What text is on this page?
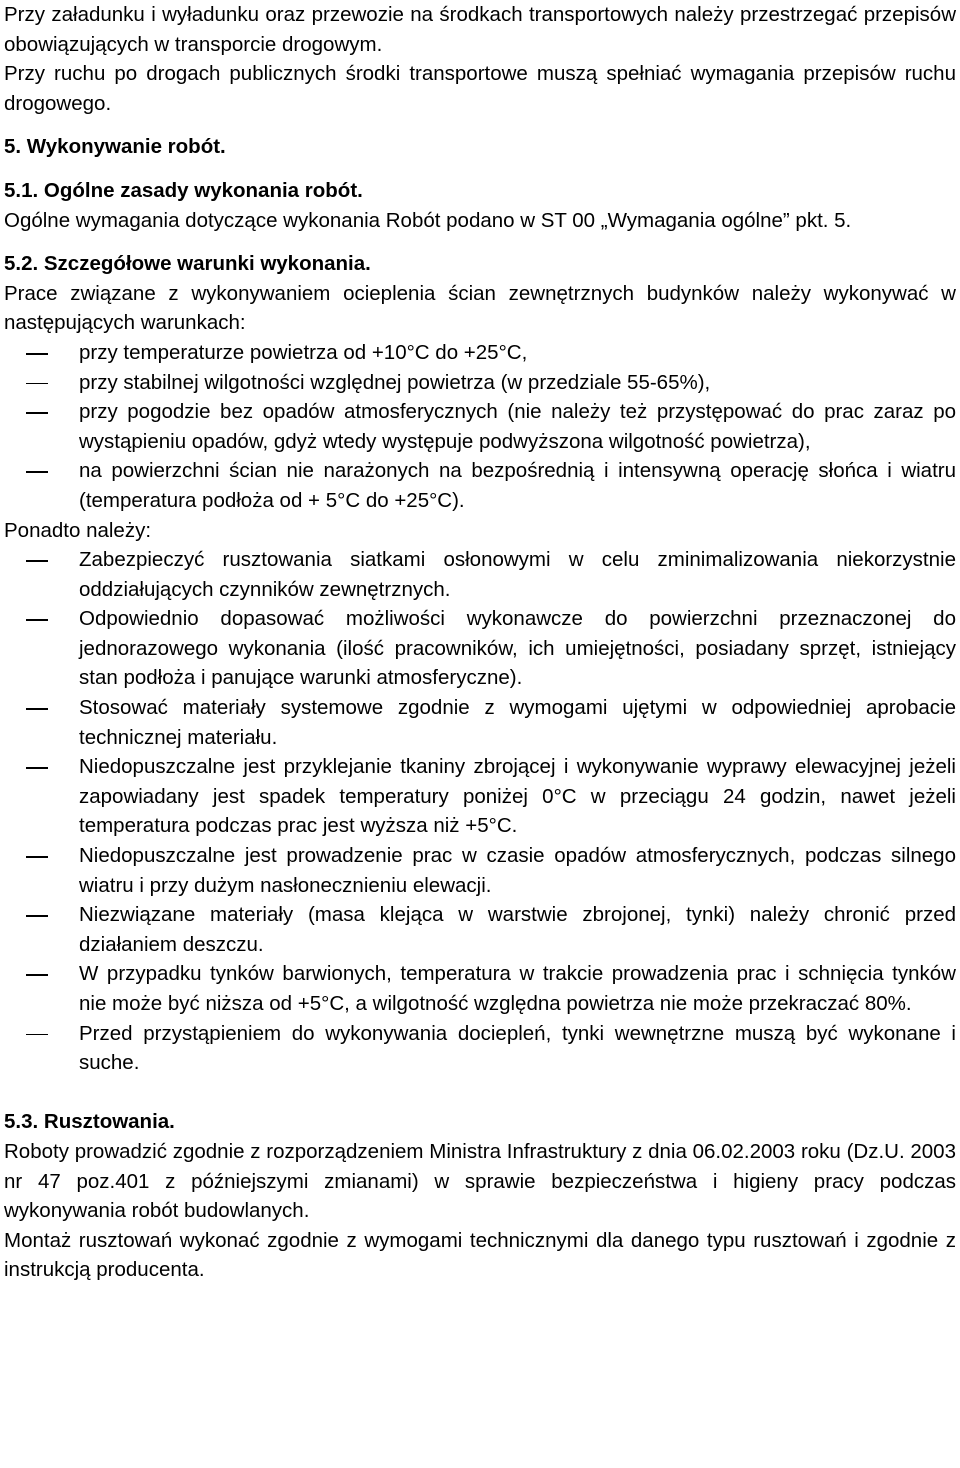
Przy załadunku i wyładunku oraz przewozie na środkach transportowych należy przestrzegać przepisów obowiązujących w transporcie drogowym.

Przy ruchu po drogach publicznych środki transportowe muszą spełniać wymagania przepisów ruchu drogowego.

5. Wykonywanie robót.

5.1. Ogólne zasady wykonania robót.

Ogólne wymagania dotyczące wykonania Robót podano w ST 00 „Wymagania ogólne” pkt. 5.

5.2. Szczegółowe warunki wykonania.

Prace związane z wykonywaniem ocieplenia ścian zewnętrznych budynków należy wykonywać w następujących warunkach:

przy temperaturze powietrza od +10°C do +25°C,
przy stabilnej wilgotności względnej powietrza (w przedziale 55-65%),
przy pogodzie bez opadów atmosferycznych (nie należy też przystępować do prac zaraz po wystąpieniu opadów, gdyż wtedy występuje podwyższona wilgotność powietrza),
na powierzchni ścian nie narażonych na bezpośrednią i intensywną operację słońca i wiatru (temperatura podłoża od + 5°C do +25°C).

Ponadto należy:

Zabezpieczyć rusztowania siatkami osłonowymi w celu zminimalizowania niekorzystnie oddziałujących czynników zewnętrznych.
Odpowiednio dopasować możliwości wykonawcze do powierzchni przeznaczonej do jednorazowego wykonania (ilość pracowników, ich umiejętności, posiadany sprzęt, istniejący stan podłoża i panujące warunki atmosferyczne).
Stosować materiały systemowe zgodnie z wymogami ujętymi w odpowiedniej aprobacie technicznej materiału.
Niedopuszczalne jest przyklejanie tkaniny zbrojącej i wykonywanie wyprawy elewacyjnej jeżeli zapowiadany jest spadek temperatury poniżej 0°C w przeciągu 24 godzin, nawet jeżeli temperatura podczas prac jest wyższa niż +5°C.
Niedopuszczalne jest prowadzenie prac w czasie opadów atmosferycznych, podczas silnego wiatru i przy dużym nasłonecznieniu elewacji.
Niezwiązane materiały (masa klejąca w warstwie zbrojonej, tynki) należy chronić przed działaniem deszczu.
W przypadku tynków barwionych, temperatura w trakcie prowadzenia prac i schnięcia tynków nie może być niższa od +5°C, a wilgotność względna powietrza nie może przekraczać 80%.
Przed przystąpieniem do wykonywania dociepleń, tynki wewnętrzne muszą być wykonane i suche.

5.3. Rusztowania.

Roboty prowadzić zgodnie z rozporządzeniem Ministra Infrastruktury z dnia 06.02.2003 roku (Dz.U. 2003 nr 47 poz.401 z późniejszymi zmianami) w sprawie bezpieczeństwa i higieny pracy podczas wykonywania robót budowlanych.

Montaż rusztowań wykonać zgodnie z wymogami technicznymi dla danego typu rusztowań i zgodnie z instrukcją producenta.
